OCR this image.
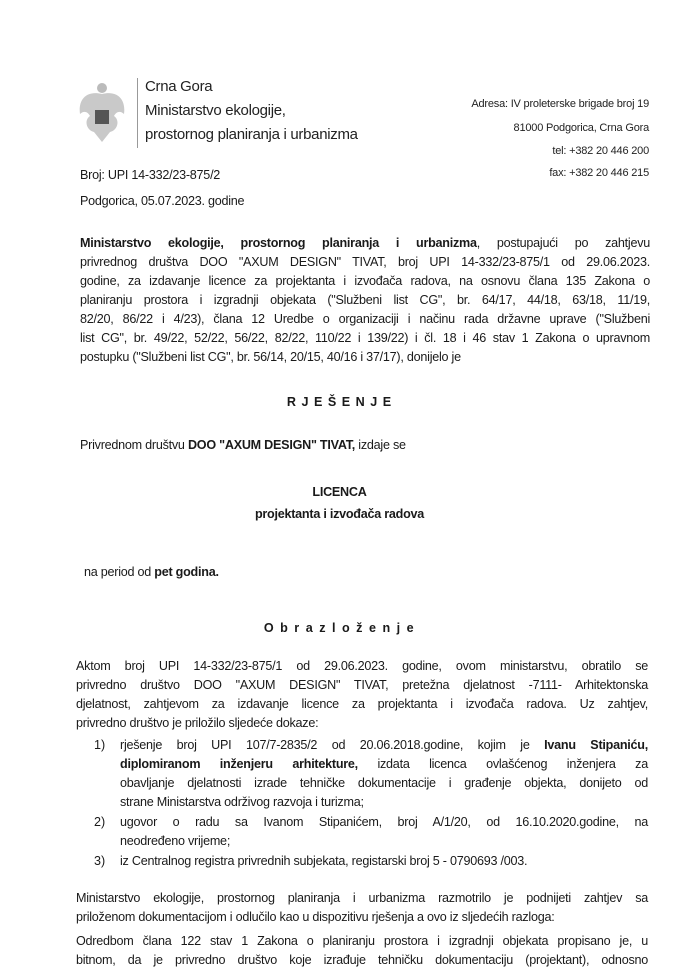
Crna Gora
Ministarstvo ekologije,
prostornog planiranja i urbanizma
Adresa: IV proleterske brigade broj 19
81000 Podgorica, Crna Gora
tel: +382 20 446 200
fax: +382 20 446 215
Broj: UPI 14-332/23-875/2
Podgorica, 05.07.2023. godine
Ministarstvo ekologije, prostornog planiranja i urbanizma, postupajući po zahtjevu
privrednog društva DOO "AXUM DESIGN" TIVAT, broj UPI 14-332/23-875/1 od 29.06.2023.
godine, za izdavanje licence za projektanta i izvođača radova, na osnovu člana 135 Zakona o
planiranju prostora i izgradnji objekata ("Službeni list CG", br. 64/17, 44/18, 63/18, 11/19,
82/20, 86/22 i 4/23), člana 12 Uredbe o organizaciji i načinu rada državne uprave ("Službeni
list CG", br. 49/22, 52/22, 56/22, 82/22, 110/22 i 139/22) i čl. 18 i 46 stav 1 Zakona o upravnom
postupku ("Službeni list CG", br. 56/14, 20/15, 40/16 i 37/17), donijelo je
R J E Š E N J E
Privrednom društvu DOO "AXUM DESIGN" TIVAT, izdaje se
LICENCA
projektanta i izvođača radova
na period od pet godina.
O b r a z l o ž e n j e
Aktom broj UPI 14-332/23-875/1 od 29.06.2023. godine, ovom ministarstvu, obratilo se
privredno društvo DOO "AXUM DESIGN" TIVAT, pretežna djelatnost -7111- Arhitektonska
djelatnost, zahtjevom za izdavanje licence za projektanta i izvođača radova. Uz zahtjev,
privredno društvo je priložilo sljedeće dokaze:
1) rješenje broj UPI 107/7-2835/2 od 20.06.2018.godine, kojim je Ivanu Stipaniću,
diplomiranom inženjeru arhitekture, izdata licenca ovlašćenog inženjera za
obavljanje djelatnosti izrade tehničke dokumentacije i građenje objekta, donijeto od
strane Ministarstva održivog razvoja i turizma;
2) ugovor o radu sa Ivanom Stipanićem, broj A/1/20, od 16.10.2020.godine, na
neodređeno vrijeme;
3) iz Centralnog registra privrednih subjekata, registarski broj 5 - 0790693 /003.
Ministarstvo ekologije, prostornog planiranja i urbanizma razmotrilo je podnijeti zahtjev sa
priloženom dokumentacijom i odlučilo kao u dispozitivu rješenja a ovo iz sljedećih razloga:
Odredbom člana 122 stav 1 Zakona o planiranju prostora i izgradnji objekata propisano je, u
bitnom, da je privredno društvo koje izrađuje tehničku dokumentaciju (projektant), odnosno
